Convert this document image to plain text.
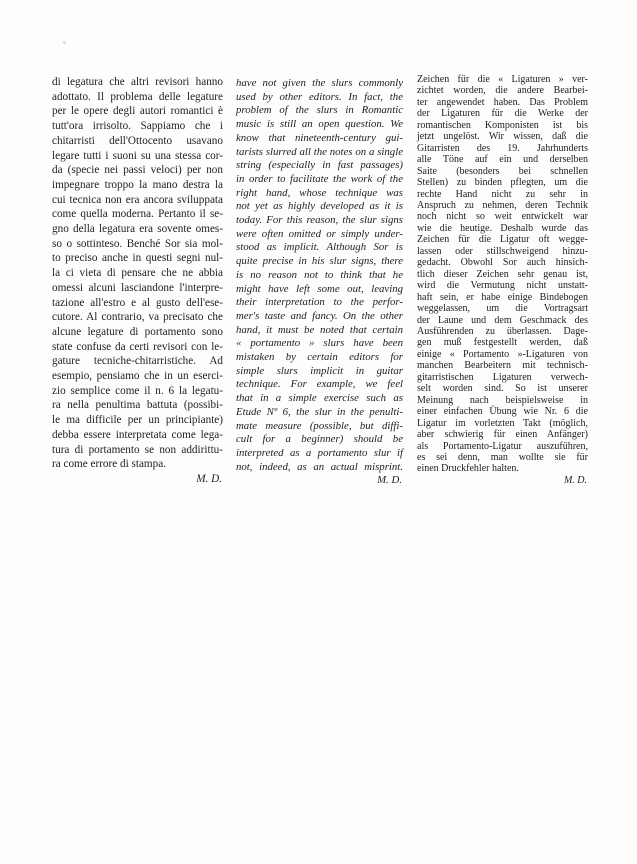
di legatura che altri revisori hanno
adottato. Il problema delle legature
per le opere degli autori romantici è
tutt'ora irrisolto. Sappiamo che i
chitarristi dell'Ottocento usavano
legare tutti i suoni su una stessa cor-
da (specie nei passi veloci) per non
impegnare troppo la mano destra la
cui tecnica non era ancora sviluppata
come quella moderna. Pertanto il se-
gno della legatura era sovente omes-
so o sottinteso. Benché Sor sia mol-
to preciso anche in questi segni nul-
la ci vieta di pensare che ne abbia
omessi alcuni lasciandone l'interpre-
tazione all'estro e al gusto dell'ese-
cutore. Al contrario, va precisato che
alcune legature di portamento sono
state confuse da certi revisori con le-
gature tecniche-chitarristiche. Ad
esempio, pensiamo che in un eserci-
zio semplice come il n. 6 la legatu-
ra nella penultima battuta (possibi-
le ma difficile per un principiante)
debba essere interpretata come lega-
tura di portamento se non addirittu-
ra come errore di stampa.
M. D.
have not given the slurs commonly
used by other editors. In fact, the
problem of the slurs in Romantic
music is still an open question. We
know that nineteenth-century gui-
tarists slurred all the notes on a single
string (especially in fast passages)
in order to facilitate the work of the
right hand, whose technique was
not yet as highly developed as it is
today. For this reason, the slur signs
were often omitted or simply under-
stood as implicit. Although Sor is
quite precise in his slur signs, there
is no reason not to think that he
might have left some out, leaving
their interpretation to the perfor-
mer's taste and fancy. On the other
hand, it must be noted that certain
« portamento » slurs have been
mistaken by certain editors for
simple slurs implicit in guitar
technique. For example, we feel
that in a simple exercise such as
Etude Nº 6, the slur in the penulti-
mate measure (possible, but diffi-
cult for a beginner) should be
interpreted as a portamento slur if
not, indeed, as an actual misprint.
M. D.
Zeichen für die « Ligaturen » ver-
zichtet worden, die andere Bearbei-
ter angewendet haben. Das Problem
der Ligaturen für die Werke der
romantischen Komponisten ist bis
jetzt ungelöst. Wir wissen, daß die
Gitarristen des 19. Jahrhunderts
alle Töne auf ein und derselben
Saite (besonders bei schnellen
Stellen) zu binden pflegten, um die
rechte Hand nicht zu sehr in
Anspruch zu nehmen, deren Technik
noch nicht so weit entwickelt war
wie die heutige. Deshalb wurde das
Zeichen für die Ligatur oft wegge-
lassen oder stillschweigend hinzu-
gedacht. Obwohl Sor auch hinsich-
tlich dieser Zeichen sehr genau ist,
wird die Vermutung nicht unstatt-
haft sein, er habe einige Bindebogen
weggelassen, um die Vortragsart
der Laune und dem Geschmack des
Ausführenden zu überlassen. Dage-
gen muß festgestellt werden, daß
einige « Portamento »-Ligaturen von
manchen Bearbeitern mit technisch-
gitarristischen Ligaturen verwech-
selt worden sind. So ist unserer
Meinung nach beispielsweise in
einer einfachen Übung wie Nr. 6 die
Ligatur im vorletzten Takt (möglich,
aber schwierig für einen Anfänger)
als Portamento-Ligatur auszuführen,
es sei denn, man wollte sie für
einen Druckfehler halten.
M. D.
